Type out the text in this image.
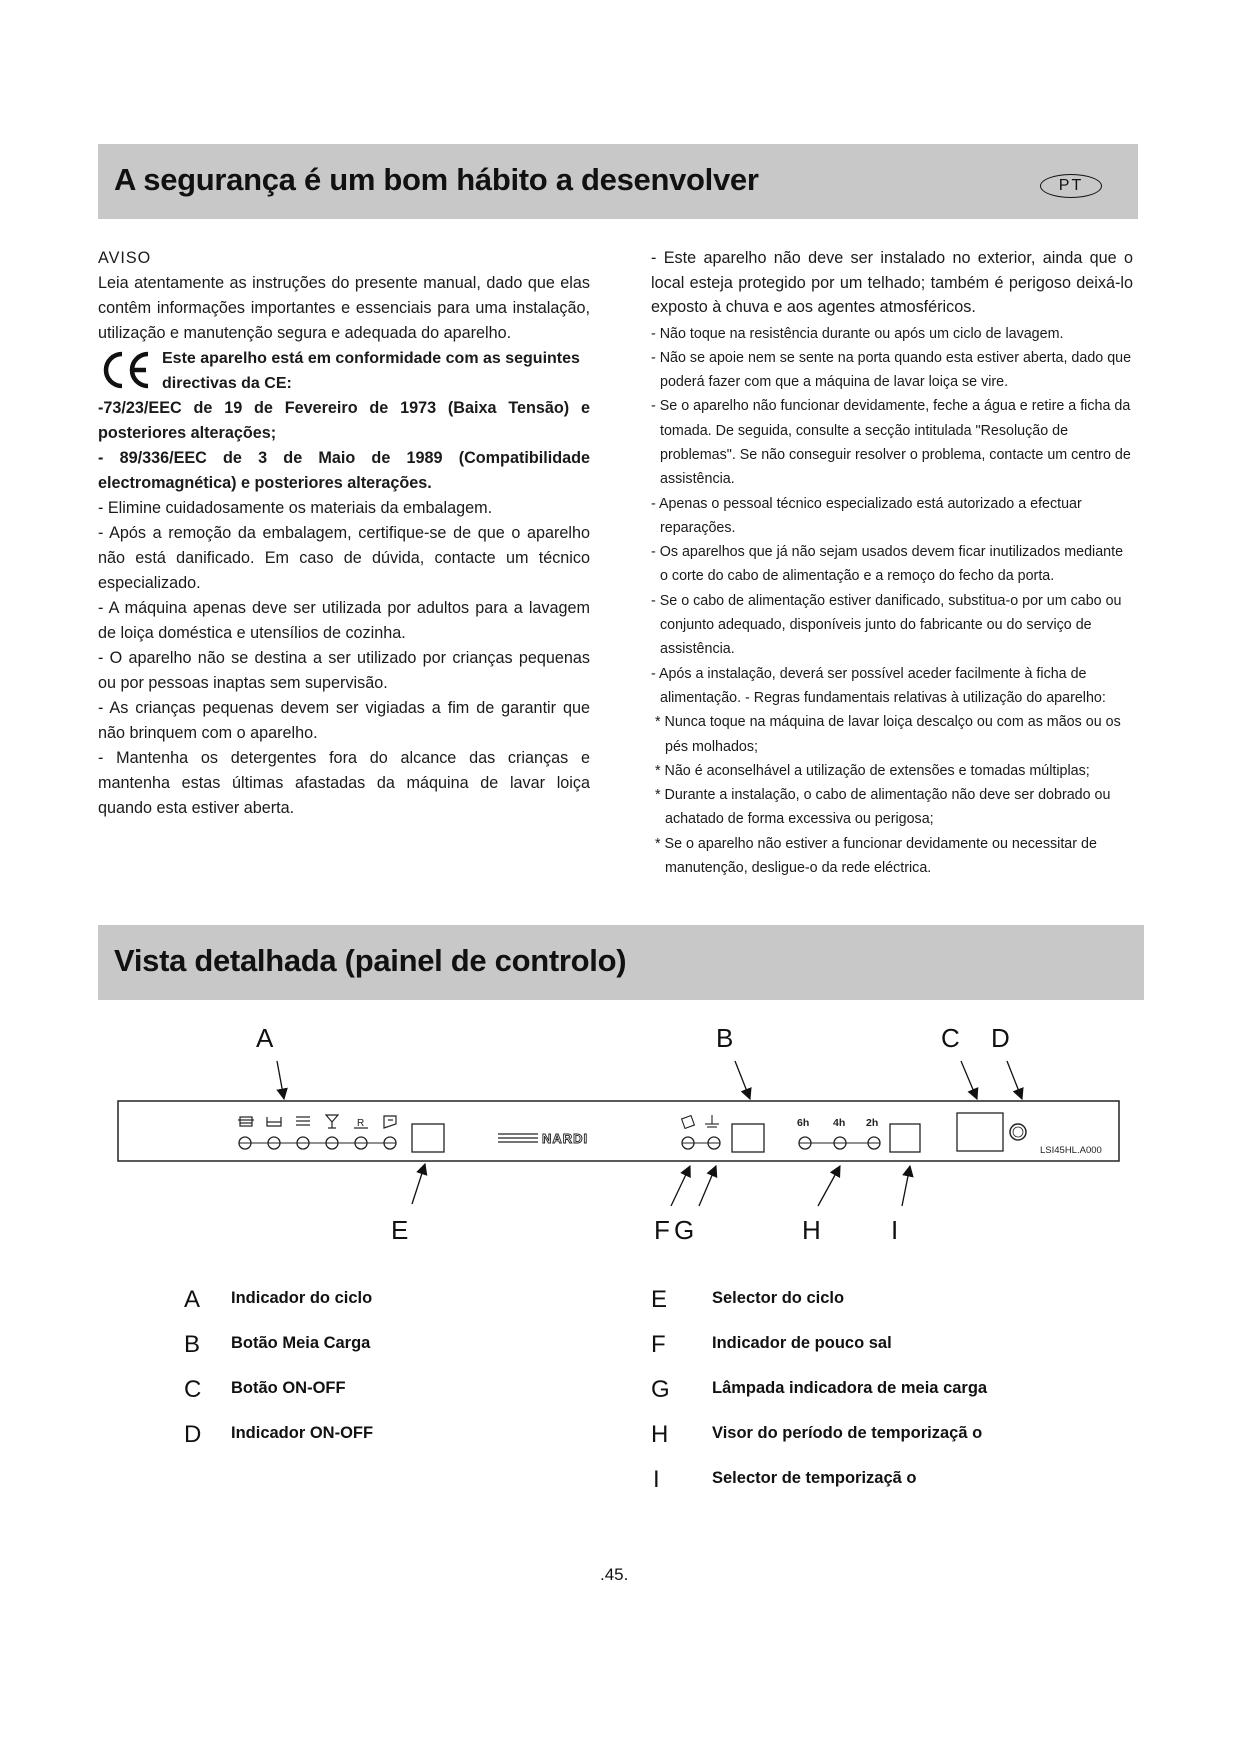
A segurança é um bom hábito a desenvolver	PT

AVISO

Leia atentamente as instruções do presente manual, dado que elas contêm informações importantes e essenciais para uma instalação, utilização e manutenção segura e adequada do aparelho.

Este aparelho está em conformidade com as seguintes directivas da CE:

-73/23/EEC de 19 de Fevereiro de 1973 (Baixa Tensão) e posteriores alterações;

- 89/336/EEC de 3 de Maio de 1989 (Compatibilidade electromagnética) e posteriores alterações.

- Elimine cuidadosamente os materiais da embalagem.

- Após a remoção da embalagem, certifique-se de que o aparelho não está danificado. Em caso de dúvida, contacte um técnico especializado.

- A máquina apenas deve ser utilizada por adultos para a lavagem de loiça doméstica e utensílios de cozinha.

- O aparelho não se destina a ser utilizado por crianças pequenas ou por pessoas inaptas sem supervisão.

- As crianças pequenas devem ser vigiadas a fim de garantir que não brinquem com o aparelho.

- Mantenha os detergentes fora do alcance das crianças e mantenha estas últimas afastadas da máquina de lavar loiça quando esta estiver aberta.

- Este aparelho não deve ser instalado no exterior, ainda que o local esteja protegido por um telhado; também é perigoso deixá-lo exposto à chuva e aos agentes atmosféricos.

- Não toque na resistência durante ou após um ciclo de lavagem.
- Não se apoie nem se sente na porta quando esta estiver aberta, dado que poderá fazer com que a máquina de lavar loiça se vire.
- Se o aparelho não funcionar devidamente, feche a água e retire a ficha da tomada. De seguida, consulte a secção intitulada "Resolução de problemas". Se não conseguir resolver o problema, contacte um centro de assistência.
- Apenas o pessoal técnico especializado está autorizado a efectuar reparações.
- Os aparelhos que já não sejam usados devem ficar inutilizados mediante o corte do cabo de alimentação e a remoço do fecho da porta.
- Se o cabo de alimentação estiver danificado, substitua-o por um cabo ou conjunto adequado, disponíveis junto do fabricante ou do serviço de assistência.
- Após a instalação, deverá ser possível aceder facilmente à ficha de alimentação. - Regras fundamentais relativas à utilização do aparelho:
* Nunca toque na máquina de lavar loiça descalço ou com as mãos ou os pés molhados;
* Não é aconselhável a utilização de extensões e tomadas múltiplas;
* Durante a instalação, o cabo de alimentação não deve ser dobrado ou achatado de forma excessiva ou perigosa;
* Se o aparelho não estiver a funcionar devidamente ou necessitar de manutenção, desligue-o da rede eléctrica.
Vista detalhada (painel de controlo)
A	B	C D
E	F G	H	I
R
NARDI
6h 4h 2h
LSI45HL.A000
A Indicador do ciclo
B Botão Meia Carga
C Botão ON-OFF
D Indicador ON-OFF
E	Selector do ciclo
F	Indicador de pouco sal
G	Lâmpada indicadora de meia carga
H	Visor do período de temporizaçã o
I	Selector de temporizaçã o
.45.
